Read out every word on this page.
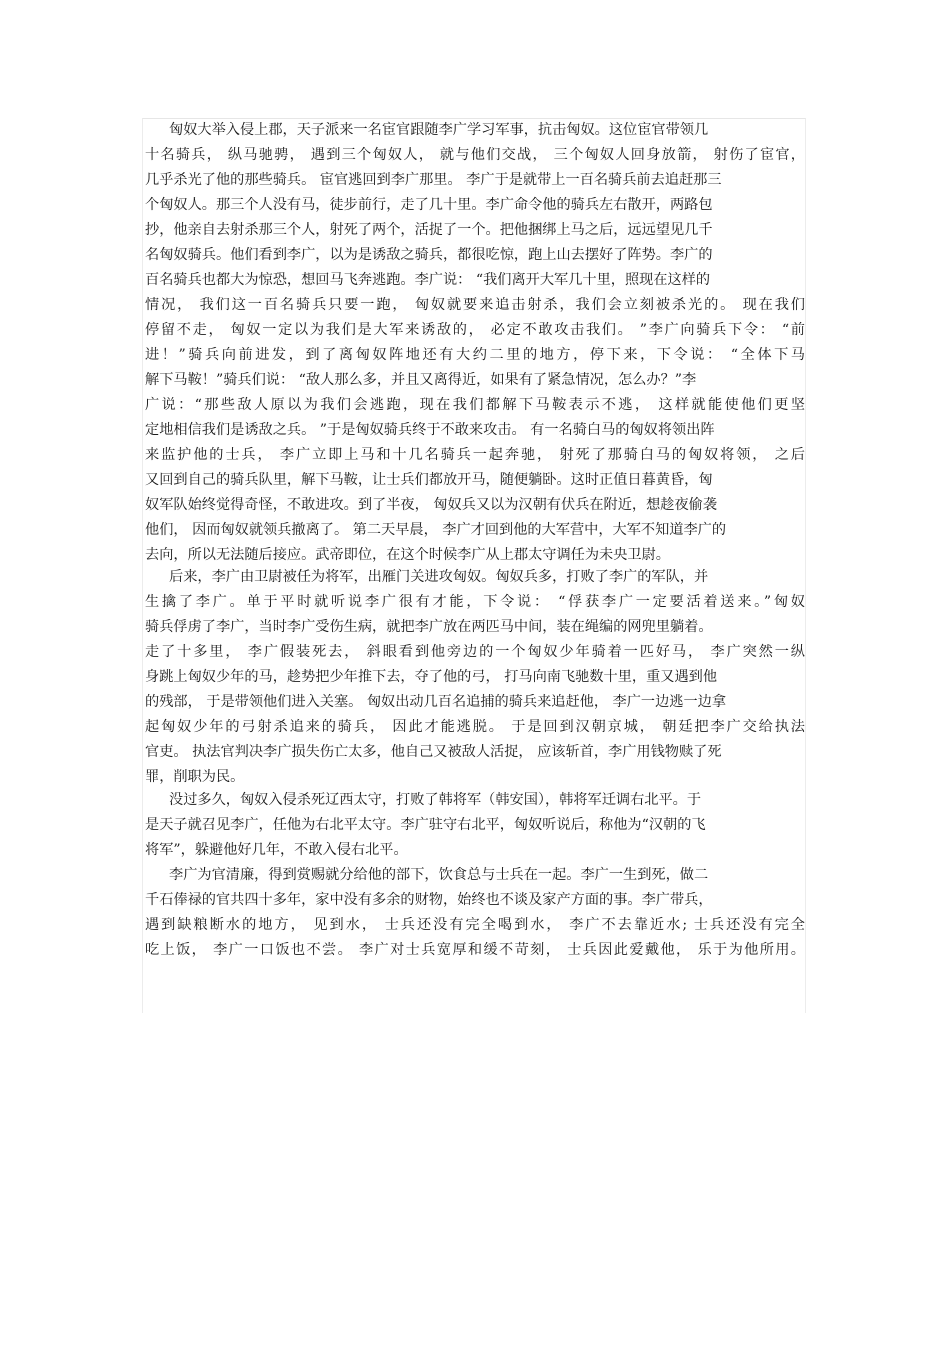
匈奴大举入侵上郡，天子派来一名宦官跟随李广学习军事，抗击匈奴。这位宦官带领几
十名骑兵， 纵马驰骋， 遇到三个匈奴人， 就与他们交战， 三个匈奴人回身放箭， 射伤了宦官，
几乎杀光了他的那些骑兵。 宦官逃回到李广那里。 李广于是就带上一百名骑兵前去追赶那三
个匈奴人。那三个人没有马，徒步前行，走了几十里。李广命令他的骑兵左右散开，两路包
抄，他亲自去射杀那三个人，射死了两个，活捉了一个。把他捆绑上马之后，远远望见几千
名匈奴骑兵。他们看到李广，以为是诱敌之骑兵，都很吃惊，跑上山去摆好了阵势。李广的
百名骑兵也都大为惊恐，想回马飞奔逃跑。李广说： “我们离开大军几十里，照现在这样的
情况， 我们这一百名骑兵只要一跑， 匈奴就要来追击射杀，我们会立刻被杀光的。 现在我们
停留不走， 匈奴一定以为我们是大军来诱敌的， 必定不敢攻击我们。 ”李广向骑兵下令： “前
进！”骑兵向前进发，到了离匈奴阵地还有大约二里的地方，停下来，下令说： “全体下马
解下马鞍！”骑兵们说： “敌人那么多，并且又离得近，如果有了紧急情况，怎么办？”李
广说：“那些敌人原以为我们会逃跑，现在我们都解下马鞍表示不逃， 这样就能使他们更坚
定地相信我们是诱敌之兵。 ”于是匈奴骑兵终于不敢来攻击。 有一名骑白马的匈奴将领出阵
来监护他的士兵， 李广立即上马和十几名骑兵一起奔驰， 射死了那骑白马的匈奴将领， 之后
又回到自己的骑兵队里，解下马鞍，让士兵们都放开马，随便躺卧。这时正值日暮黄昏，匈
奴军队始终觉得奇怪，不敢进攻。到了半夜， 匈奴兵又以为汉朝有伏兵在附近，想趁夜偷袭
他们， 因而匈奴就领兵撤离了。 第二天早晨， 李广才回到他的大军营中，大军不知道李广的
去向，所以无法随后接应。武帝即位，在这个时候李广从上郡太守调任为未央卫尉。
后来，李广由卫尉被任为将军，出雁门关进攻匈奴。匈奴兵多，打败了李广的军队，并
生擒了李广。单于平时就听说李广很有才能，下令说： “俘获李广一定要活着送来。”匈奴
骑兵俘虏了李广，当时李广受伤生病，就把李广放在两匹马中间，装在绳编的网兜里躺着。
走了十多里， 李广假装死去， 斜眼看到他旁边的一个匈奴少年骑着一匹好马， 李广突然一纵
身跳上匈奴少年的马，趁势把少年推下去，夺了他的弓， 打马向南飞驰数十里，重又遇到他
的残部， 于是带领他们进入关塞。 匈奴出动几百名追捕的骑兵来追赶他， 李广一边逃一边拿
起匈奴少年的弓射杀追来的骑兵， 因此才能逃脱。 于是回到汉朝京城， 朝廷把李广交给执法
官吏。 执法官判决李广损失伤亡太多，他自己又被敌人活捉， 应该斩首，李广用钱物赎了死
罪，削职为民。
没过多久，匈奴入侵杀死辽西太守，打败了韩将军（韩安国），韩将军迁调右北平。于
是天子就召见李广，任他为右北平太守。李广驻守右北平，匈奴听说后，称他为“汉朝的飞
将军”，躲避他好几年，不敢入侵右北平。
李广为官清廉，得到赏赐就分给他的部下，饮食总与士兵在一起。李广一生到死，做二
千石俸禄的官共四十多年，家中没有多余的财物，始终也不谈及家产方面的事。李广带兵，
遇到缺粮断水的地方， 见到水， 士兵还没有完全喝到水， 李广不去靠近水; 士兵还没有完全
吃上饭， 李广一口饭也不尝。 李广对士兵宽厚和缓不苛刻， 士兵因此爱戴他， 乐于为他所用。
